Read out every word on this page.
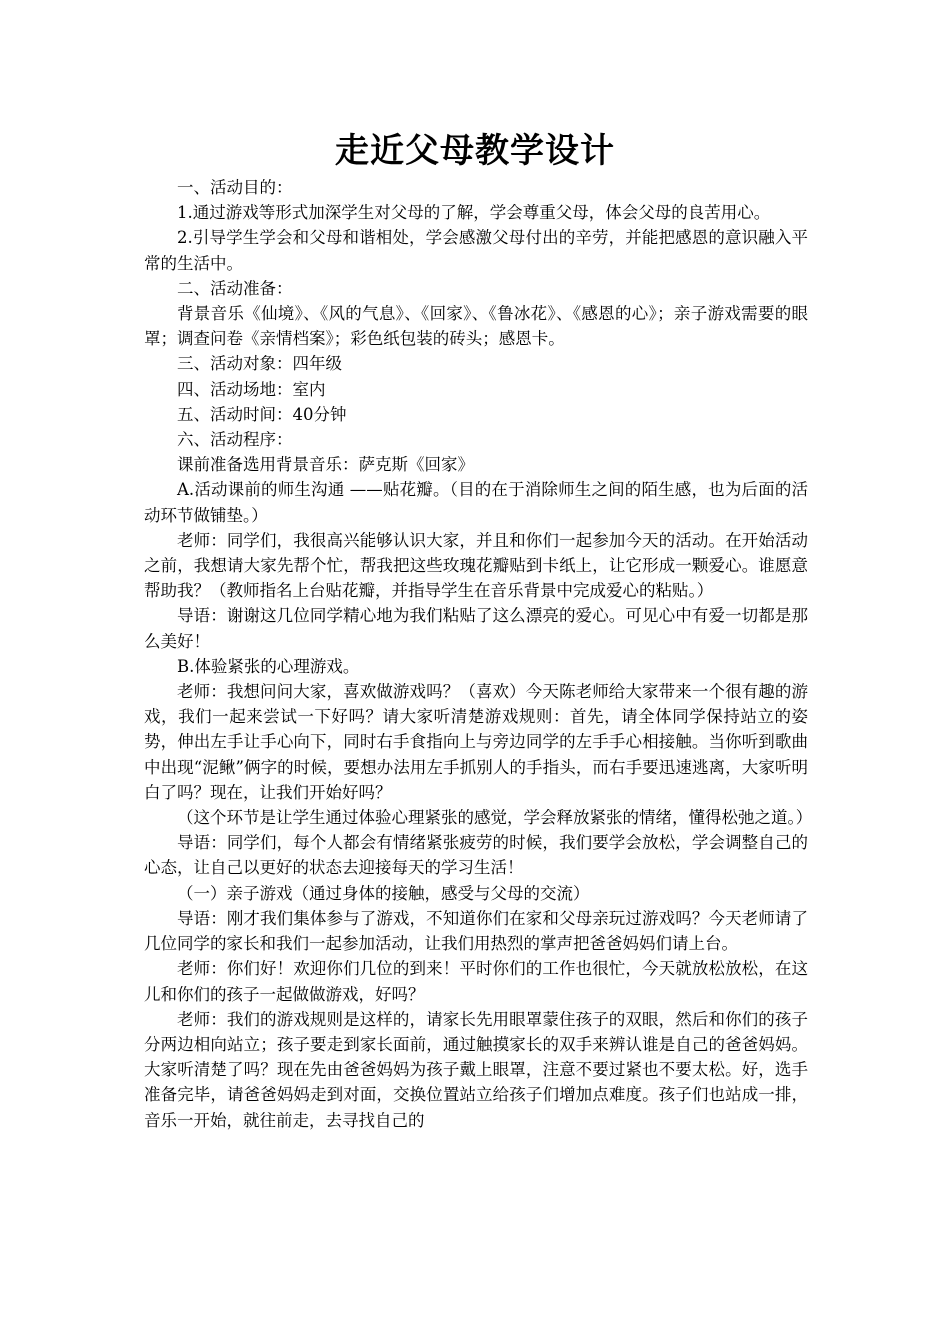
走近父母教学设计

一、活动目的：

1.通过游戏等形式加深学生对父母的了解，学会尊重父母，体会父母的良苦用心。

2.引导学生学会和父母和谐相处，学会感激父母付出的辛劳，并能把感恩的意识融入平常的生活中。

二、活动准备：

背景音乐《仙境》、《风的气息》、《回家》、《鲁冰花》、《感恩的心》；亲子游戏需要的眼罩；调查问卷《亲情档案》；彩色纸包装的砖头；感恩卡。

三、活动对象：四年级

四、活动场地：室内

五、活动时间：40分钟

六、活动程序：

课前准备选用背景音乐：萨克斯《回家》

A.活动课前的师生沟通 ——贴花瓣。（目的在于消除师生之间的陌生感，也为后面的活动环节做铺垫。）

老师：同学们，我很高兴能够认识大家，并且和你们一起参加今天的活动。在开始活动之前，我想请大家先帮个忙，帮我把这些玫瑰花瓣贴到卡纸上，让它形成一颗爱心。谁愿意帮助我？（教师指名上台贴花瓣，并指导学生在音乐背景中完成爱心的粘贴。）

导语：谢谢这几位同学精心地为我们粘贴了这么漂亮的爱心。可见心中有爱一切都是那么美好！

B.体验紧张的心理游戏。

老师：我想问问大家，喜欢做游戏吗？（喜欢）今天陈老师给大家带来一个很有趣的游戏，我们一起来尝试一下好吗？请大家听清楚游戏规则：首先，请全体同学保持站立的姿势，伸出左手让手心向下，同时右手食指向上与旁边同学的左手手心相接触。当你听到歌曲中出现“泥鳅”俩字的时候，要想办法用左手抓别人的手指头，而右手要迅速逃离，大家听明白了吗？现在，让我们开始好吗？

（这个环节是让学生通过体验心理紧张的感觉，学会释放紧张的情绪，懂得松弛之道。）

导语：同学们，每个人都会有情绪紧张疲劳的时候，我们要学会放松，学会调整自己的心态，让自己以更好的状态去迎接每天的学习生活！

（一）亲子游戏（通过身体的接触，感受与父母的交流）

导语：刚才我们集体参与了游戏，不知道你们在家和父母亲玩过游戏吗？今天老师请了几位同学的家长和我们一起参加活动，让我们用热烈的掌声把爸爸妈妈们请上台。

老师：你们好！欢迎你们几位的到来！平时你们的工作也很忙，今天就放松放松，在这儿和你们的孩子一起做做游戏，好吗？

老师：我们的游戏规则是这样的，请家长先用眼罩蒙住孩子的双眼，然后和你们的孩子分两边相向站立；孩子要走到家长面前，通过触摸家长的双手来辨认谁是自己的爸爸妈妈。大家听清楚了吗？现在先由爸爸妈妈为孩子戴上眼罩，注意不要过紧也不要太松。好，选手准备完毕，请爸爸妈妈走到对面，交换位置站立给孩子们增加点难度。孩子们也站成一排，音乐一开始，就往前走，去寻找自己的
